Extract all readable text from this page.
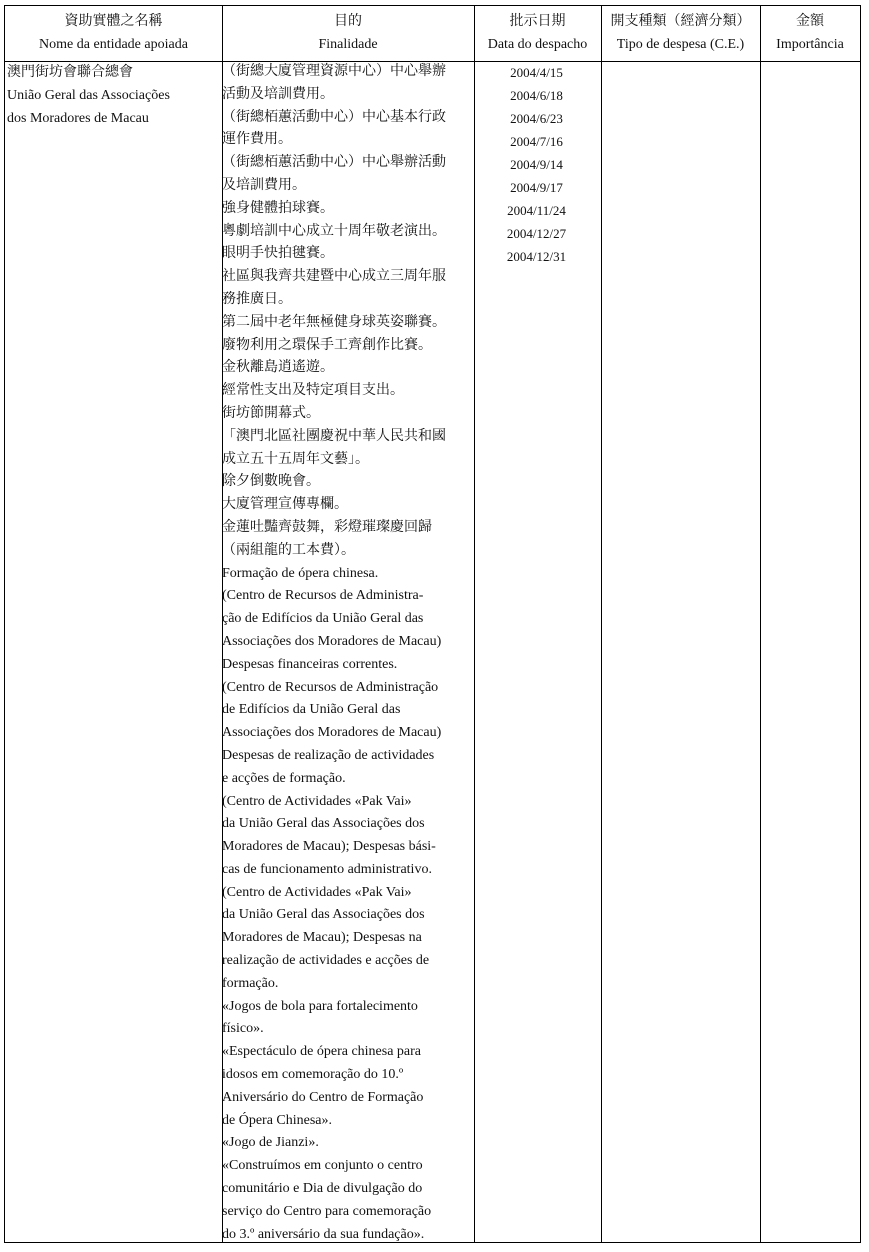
資助實體之名稱
Nome da entidade apoiada
目的
Finalidade
批示日期
Data do despacho
開支種類（經濟分類）
Tipo de despesa (C.E.)
金額
Importância
澳門街坊會聯合總會
União Geral das Associações
dos Moradores de Macau
（街總大廈管理資源中心）中心舉辦
活動及培訓費用。
（街總栢蕙活動中心）中心基本行政
運作費用。
（街總栢蕙活動中心）中心舉辦活動
及培訓費用。
強身健體拍球賽。
粵劇培訓中心成立十周年敬老演出。
眼明手快拍毽賽。
社區與我齊共建暨中心成立三周年服
務推廣日。
第二屆中老年無極健身球英姿聯賽。
廢物利用之環保手工齊創作比賽。
金秋離島逍遙遊。
經常性支出及特定項目支出。
街坊節開幕式。
「澳門北區社團慶祝中華人民共和國
成立五十五周年文藝」。
除夕倒數晚會。
大廈管理宣傳專欄。
金蓮吐豔齊鼓舞，彩燈璀璨慶回歸
（兩組龍的工本費）。
Formação de ópera chinesa.
(Centro de Recursos de Administra-
ção de Edifícios da União Geral das
Associações dos Moradores de Macau)
Despesas financeiras correntes.
(Centro de Recursos de Administração
de Edifícios da União Geral das
Associações dos Moradores de Macau)
Despesas de realização de actividades
e acções de formação.
(Centro de Actividades «Pak Vai»
da União Geral das Associações dos
Moradores de Macau); Despesas bási-
cas de funcionamento administrativo.
(Centro de Actividades «Pak Vai»
da União Geral das Associações dos
Moradores de Macau); Despesas na
realização de actividades e acções de
formação.
«Jogos de bola para fortalecimento
físico».
«Espectáculo de ópera chinesa para
idosos em comemoração do 10.º
Aniversário do Centro de Formação
de Ópera Chinesa».
«Jogo de Jianzi».
«Construímos em conjunto o centro
comunitário e Dia de divulgação do
serviço do Centro para comemoração
do 3.º aniversário da sua fundação».
2004/4/15
2004/6/18
2004/6/23
2004/7/16
2004/9/14
2004/9/17
2004/11/24
2004/12/27
2004/12/31
